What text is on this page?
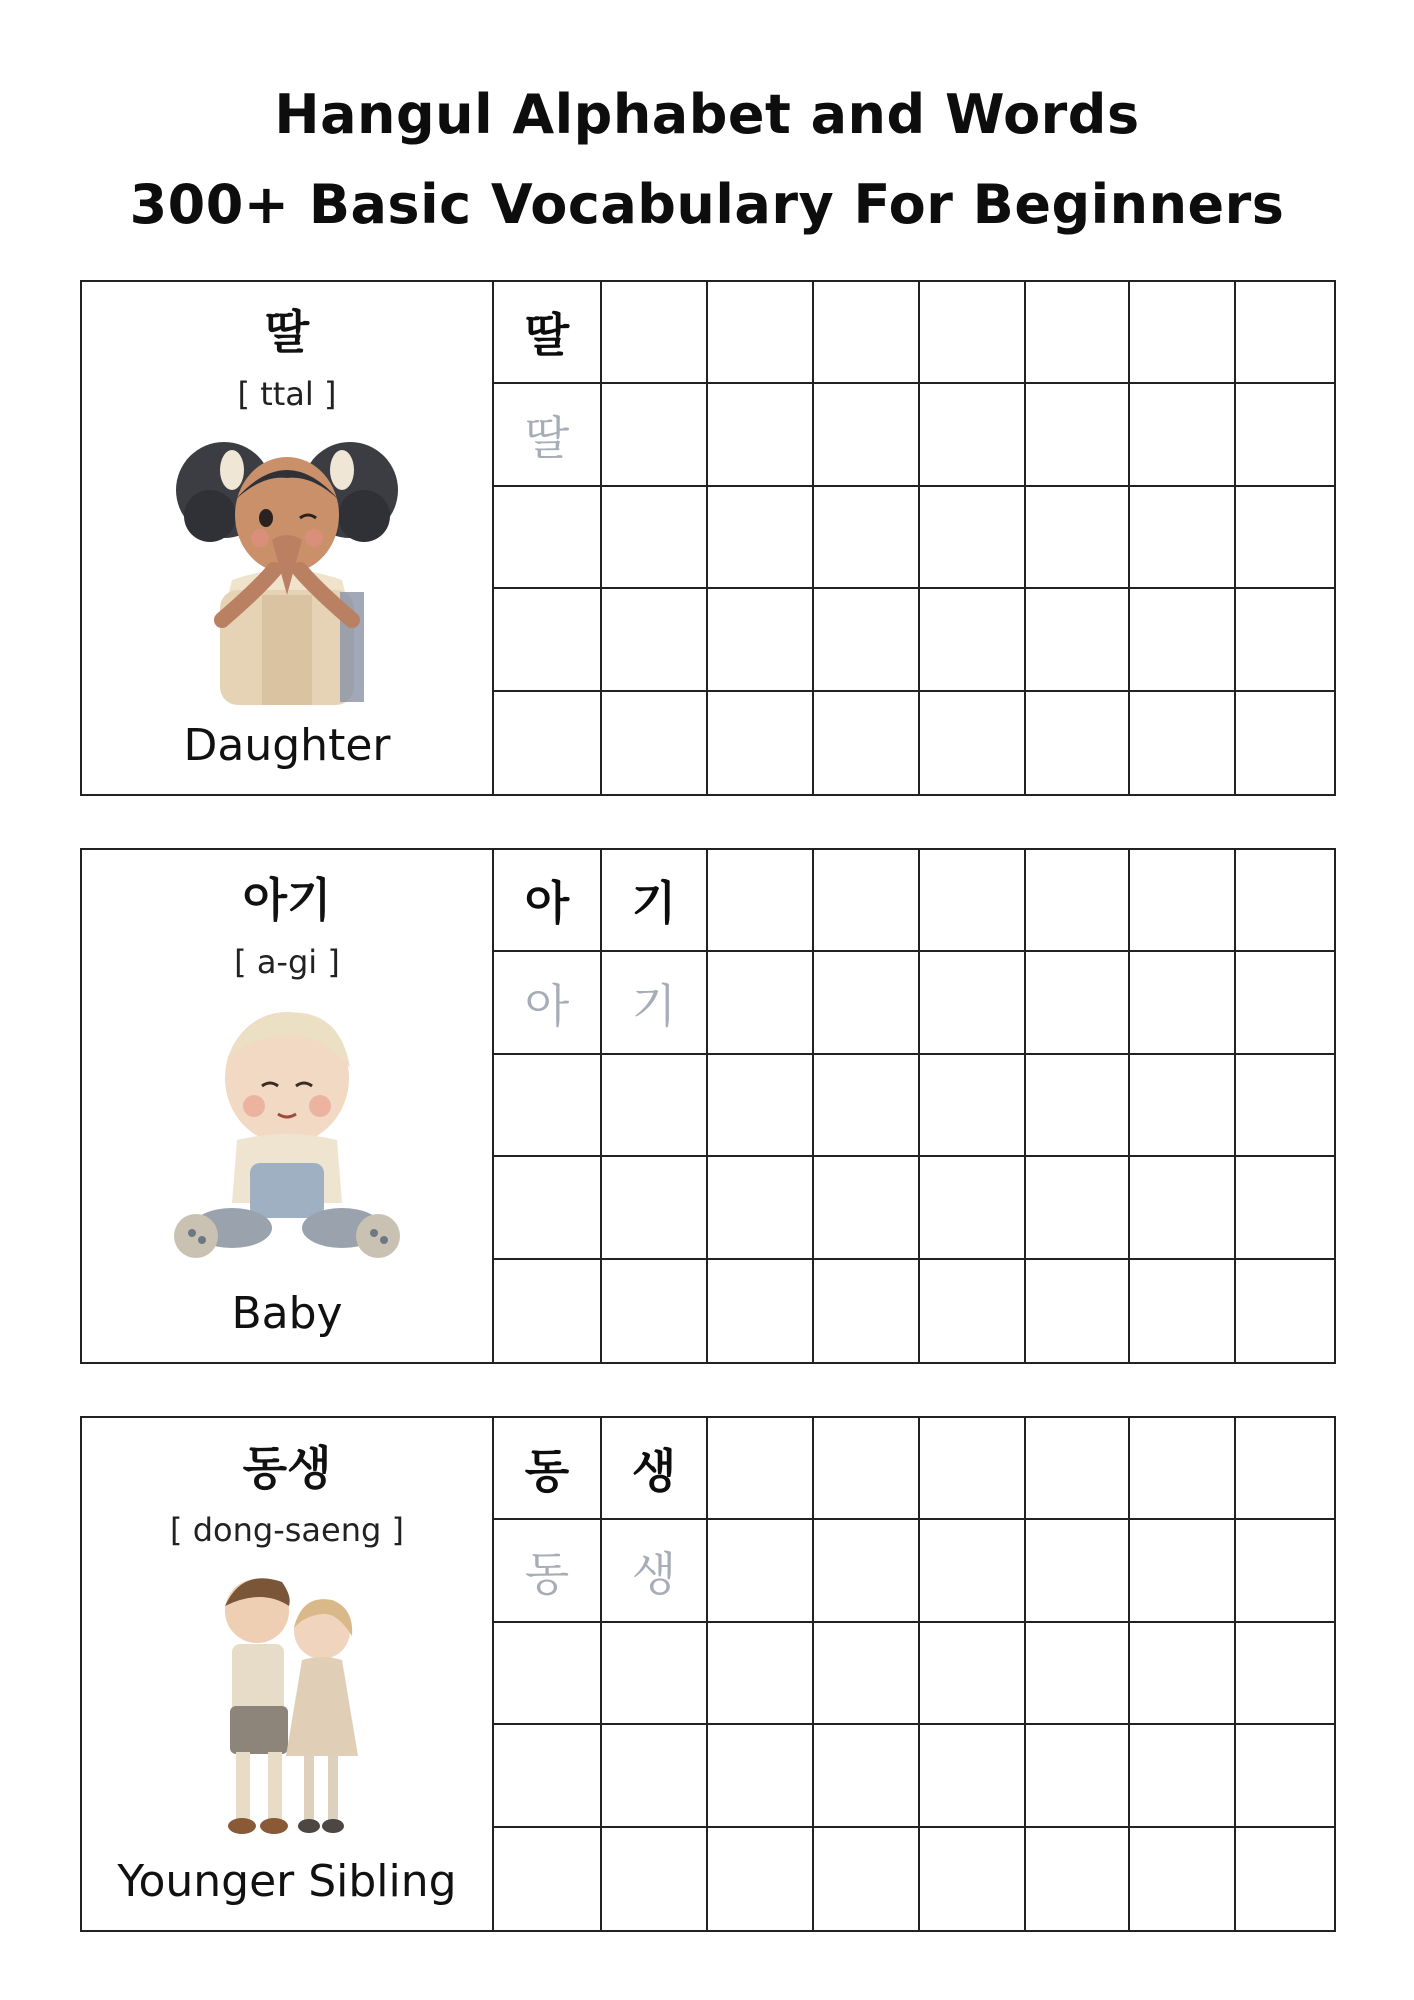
Hangul Alphabet and Words
300+ Basic Vocabulary For Beginners
딸
[ ttal ]
Daughter
딸
딸
아기
[ a-gi ]
Baby
아	기
아	기
동생
[ dong-saeng ]
Younger Sibling
동	생
동	생
